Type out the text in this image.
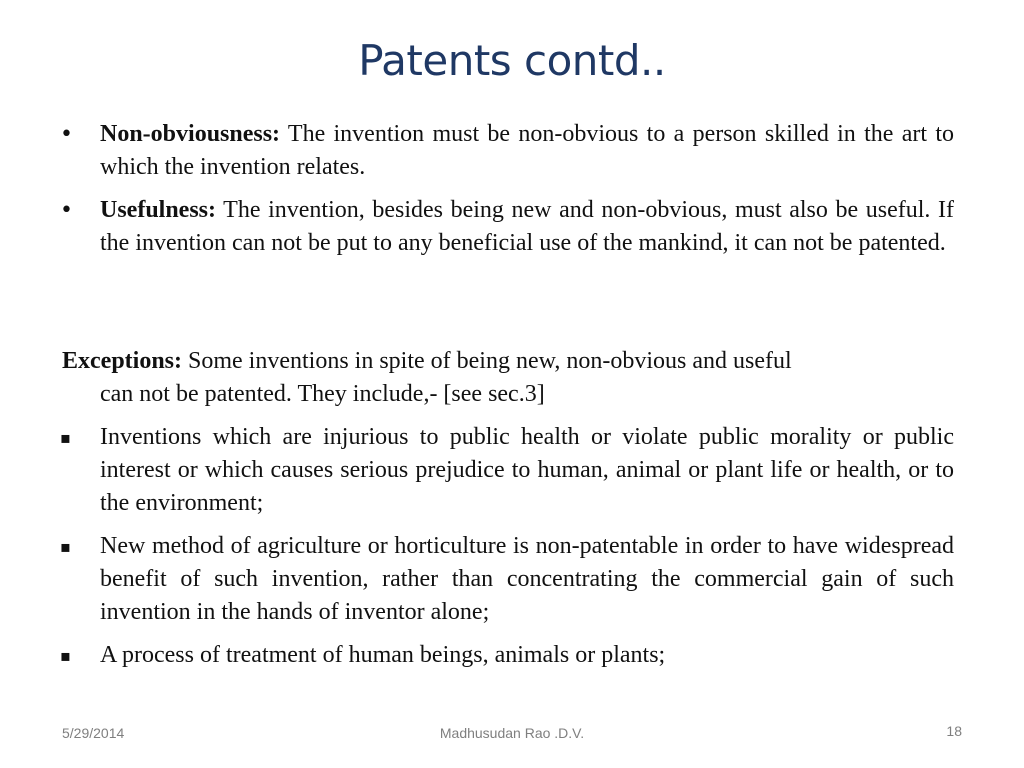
Patents contd..
• Non-obviousness: The invention must be non-obvious to a person skilled in the art to which the invention relates.
• Usefulness: The invention, besides being new and non-obvious, must also be useful. If the invention can not be put to any beneficial use of the mankind, it can not be patented.
Exceptions: Some inventions in spite of being new, non-obvious and useful
can not be patented. They include,- [see sec.3]
▪	Inventions which are injurious to public health or violate public morality or public interest or which causes serious prejudice to human, animal or plant life or health, or to the environment;
▪	New method of agriculture or horticulture is non-patentable in order to have widespread benefit of such invention, rather than concentrating the commercial gain of such invention in the hands of inventor alone;
▪	A process of treatment of human beings, animals or plants;
5/29/2014	Madhusudan Rao .D.V.	18
